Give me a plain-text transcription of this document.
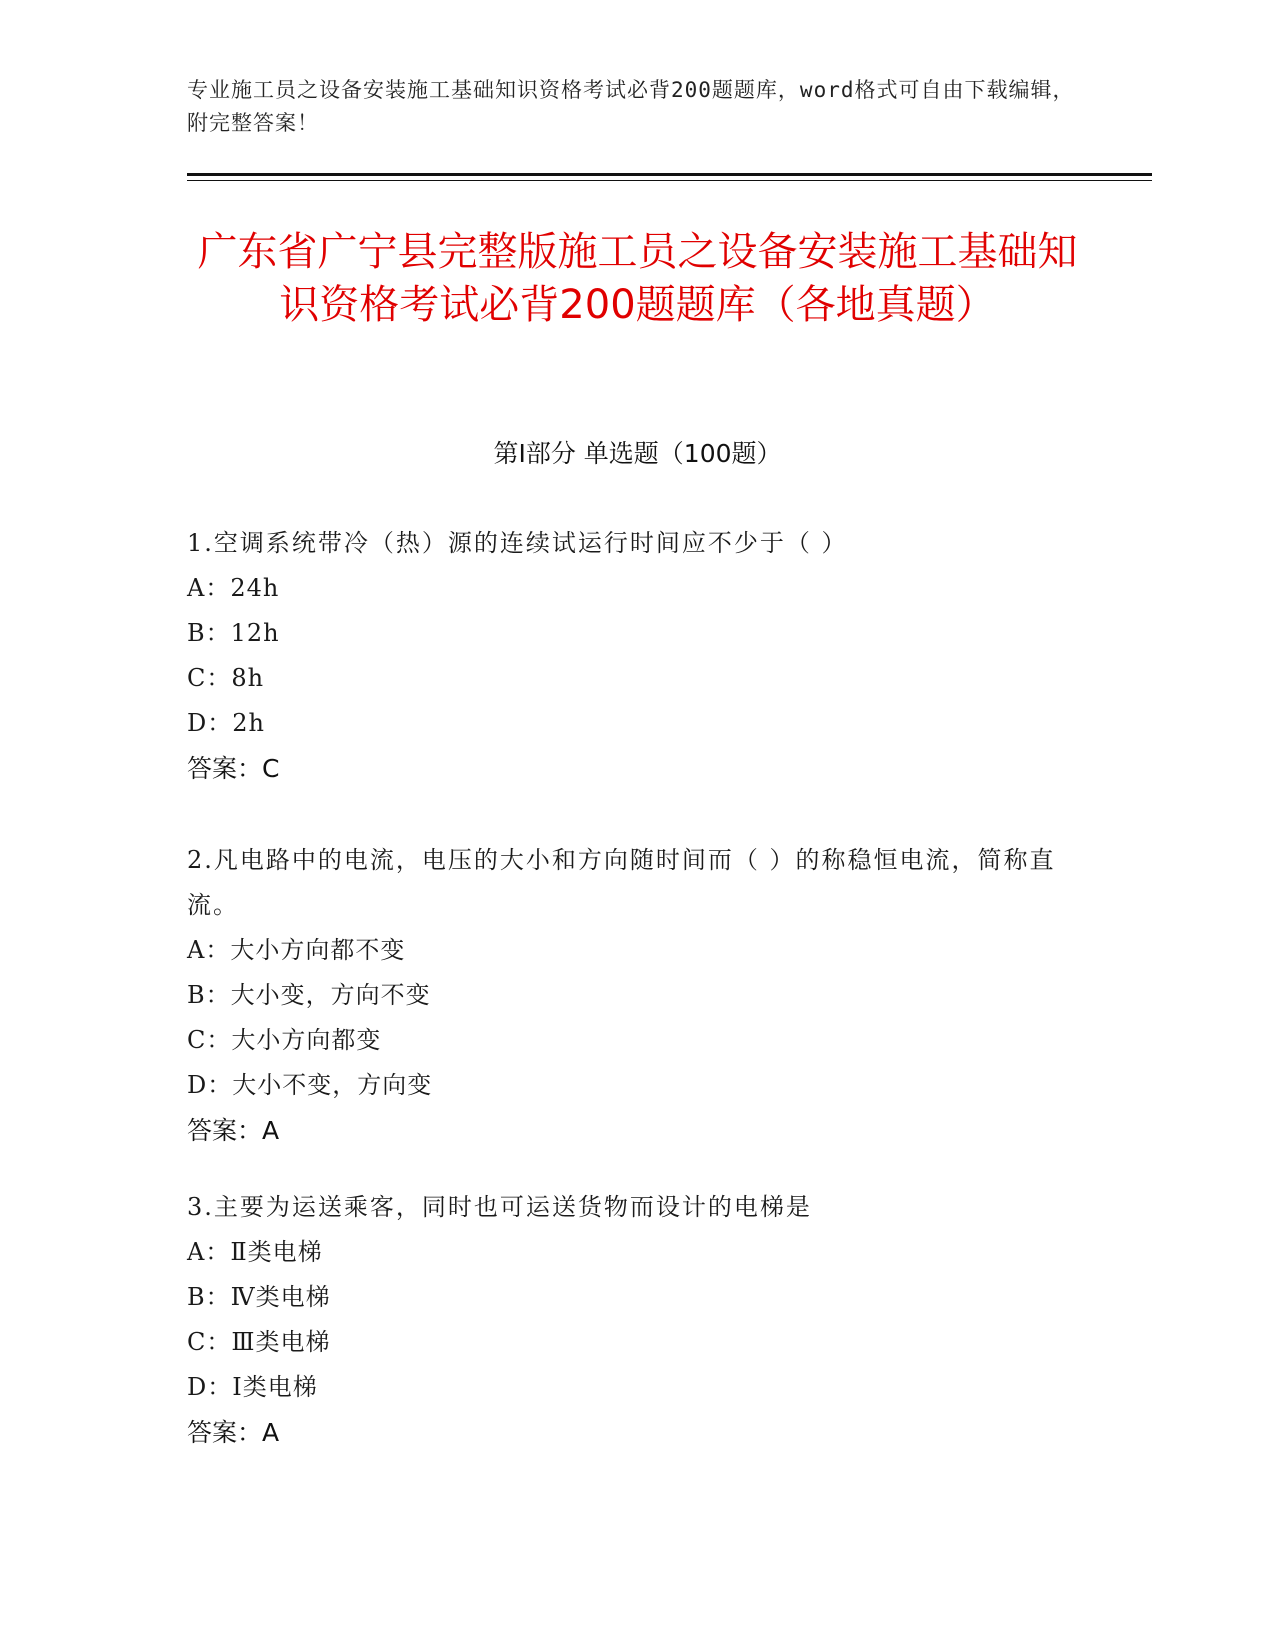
专业施工员之设备安装施工基础知识资格考试必背200题题库，word格式可自由下载编辑，附完整答案！

广东省广宁县完整版施工员之设备安装施工基础知识资格考试必背200题题库（各地真题）
第I部分 单选题（100题）

1.空调系统带冷（热）源的连续试运行时间应不少于（ ）

A：24h

B：12h

C：8h

D：2h

答案：C

2.凡电路中的电流，电压的大小和方向随时间而（ ）的称稳恒电流，简称直流。

A：大小方向都不变

B：大小变，方向不变

C：大小方向都变

D：大小不变，方向变

答案：A

3.主要为运送乘客，同时也可运送货物而设计的电梯是

A：Ⅱ类电梯

B：Ⅳ类电梯

C：Ⅲ类电梯

D：Ⅰ类电梯

答案：A
